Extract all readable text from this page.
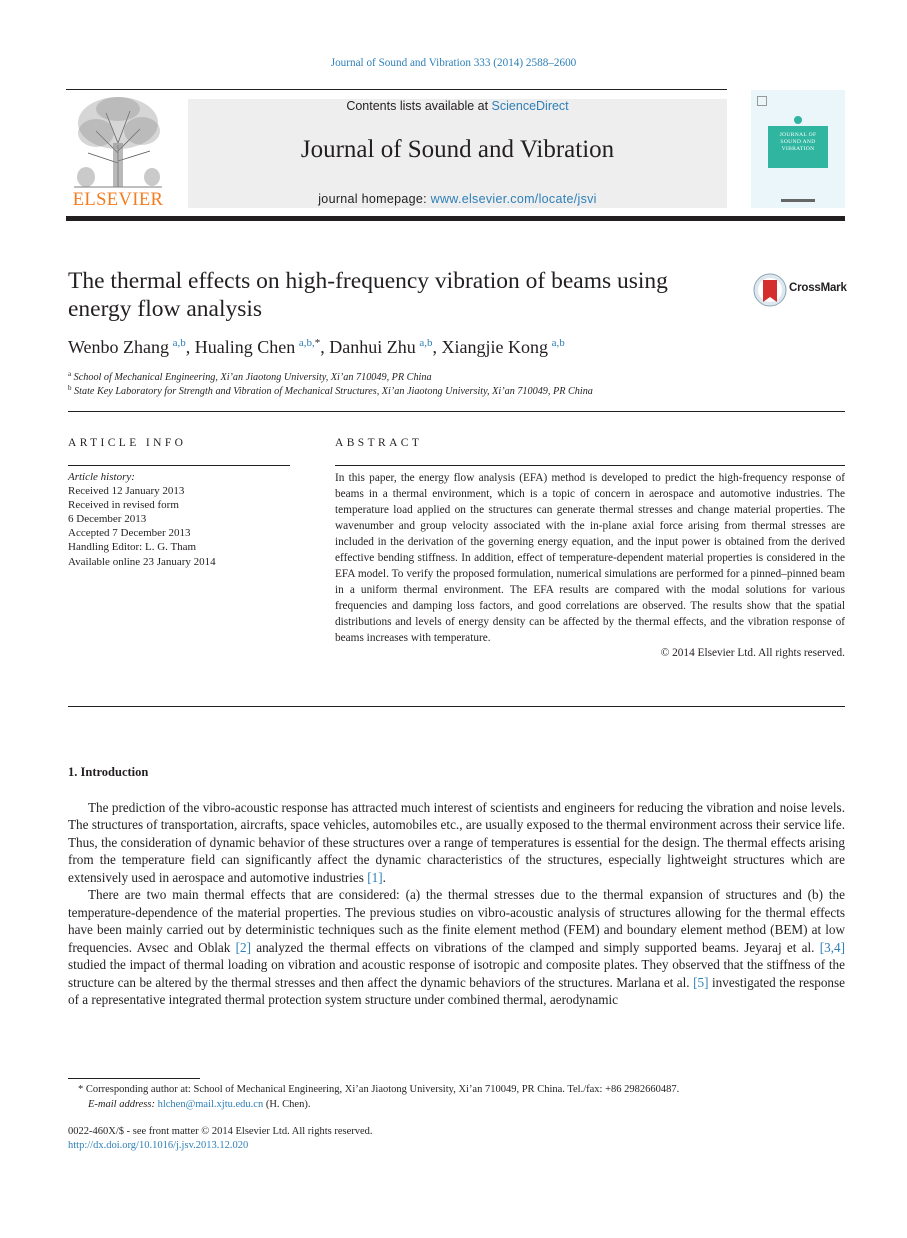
Journal of Sound and Vibration 333 (2014) 2588–2600
ELSEVIER
Contents lists available at ScienceDirect
Journal of Sound and Vibration
journal homepage: www.elsevier.com/locate/jsvi
JOURNAL OF
SOUND AND
VIBRATION
The thermal effects on high-frequency vibration of beams using energy flow analysis
CrossMark
Wenbo Zhang  $^{a,b}$, Hualing Chen  $^{a,b,*}$, Danhui Zhu  $^{a,b}$, Xiangjie Kong  $^{a,b}$
$^a$ School of Mechanical Engineering, Xi’an Jiaotong University, Xi’an 710049, PR China
$^b$ State Key Laboratory for Strength and Vibration of Mechanical Structures, Xi’an Jiaotong University, Xi’an 710049, PR China
ARTICLE INFO	ABSTRACT
Article history:
Received 12 January 2013
Received in revised form
6 December 2013
Accepted 7 December 2013
Handling Editor: L. G. Tham
Available online 23 January 2014
In this paper, the energy flow analysis (EFA) method is developed to predict the high-frequency response of beams in a thermal environment, which is a topic of concern in aerospace and automotive industries. The temperature load applied on the structures can generate thermal stresses and change material properties. The wavenumber and group velocity associated with the in-plane axial force arising from thermal stresses are included in the derivation of the governing energy equation, and the input power is obtained from the derived effective bending stiffness. In addition, effect of temperature-dependent material properties is considered in the EFA model. To verify the proposed formulation, numerical simulations are performed for a pinned–pinned beam in a uniform thermal environment. The EFA results are compared with the modal solutions for various frequencies and damping loss factors, and good correlations are observed. The results show that the spatial distributions and levels of energy density can be affected by the thermal effects, and the vibration response of beams increases with temperature.
© 2014 Elsevier Ltd. All rights reserved.
1. Introduction

The prediction of the vibro-acoustic response has attracted much interest of scientists and engineers for reducing the vibration and noise levels. The structures of transportation, aircrafts, space vehicles, automobiles etc., are usually exposed to the thermal environment across their service life. Thus, the consideration of dynamic behavior of these structures over a range of temperatures is essential for the design. The thermal effects arising from the temperature field can significantly affect the dynamic characteristics of the structures, especially lightweight structures which are extensively used in aerospace and automotive industries [1].

There are two main thermal effects that are considered: (a) the thermal stresses due to the thermal expansion of structures and (b) the temperature-dependence of the material properties. The previous studies on vibro-acoustic analysis of structures allowing for the thermal effects have been mainly carried out by deterministic techniques such as the finite element method (FEM) and boundary element method (BEM) at low frequencies. Avsec and Oblak [2] analyzed the thermal effects on vibrations of the clamped and simply supported beams. Jeyaraj et al. [3,4] studied the impact of thermal loading on vibration and acoustic response of isotropic and composite plates. They observed that the stiffness of the structure can be altered by the thermal stresses and then affect the dynamic behaviors of the structures. Marlana et al. [5] investigated the response of a representative integrated thermal protection system structure under combined thermal, aerodynamic

* Corresponding author at: School of Mechanical Engineering, Xi’an Jiaotong University, Xi’an 710049, PR China. Tel./fax: +86 2982660487.
E-mail address: hlchen@mail.xjtu.edu.cn (H. Chen).
0022-460X/$ - see front matter © 2014 Elsevier Ltd. All rights reserved.
http://dx.doi.org/10.1016/j.jsv.2013.12.020
